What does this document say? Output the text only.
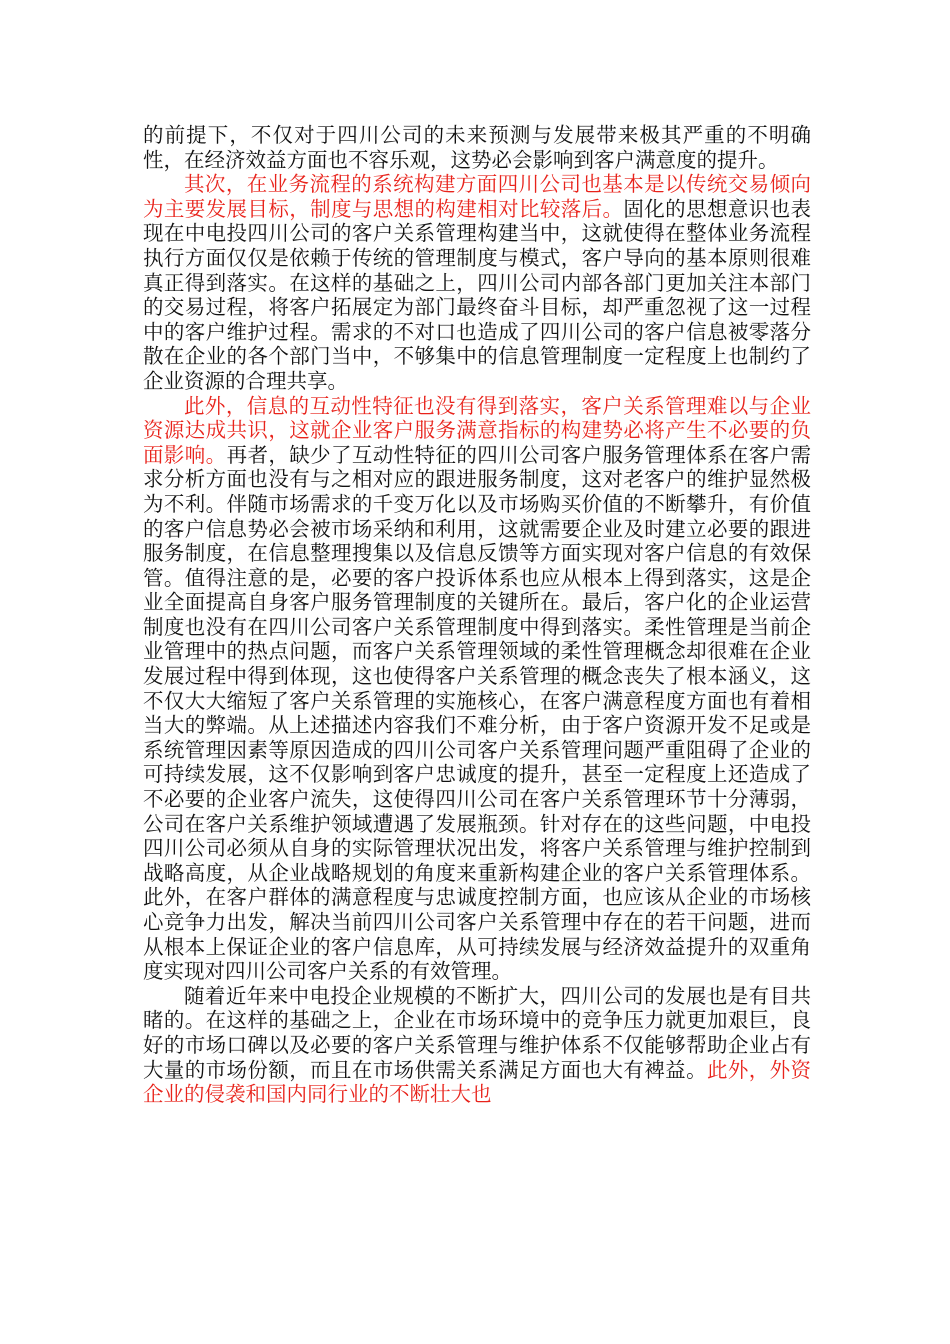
的前提下，不仅对于四川公司的未来预测与发展带来极其严重的不明确性，在经济效益方面也不容乐观，这势必会影响到客户满意度的提升。

其次，在业务流程的系统构建方面四川公司也基本是以传统交易倾向为主要发展目标，制度与思想的构建相对比较落后。固化的思想意识也表现在中电投四川公司的客户关系管理构建当中，这就使得在整体业务流程执行方面仅仅是依赖于传统的管理制度与模式，客户导向的基本原则很难真正得到落实。在这样的基础之上，四川公司内部各部门更加关注本部门的交易过程，将客户拓展定为部门最终奋斗目标，却严重忽视了这一过程中的客户维护过程。需求的不对口也造成了四川公司的客户信息被零落分散在企业的各个部门当中，不够集中的信息管理制度一定程度上也制约了企业资源的合理共享。

此外，信息的互动性特征也没有得到落实，客户关系管理难以与企业资源达成共识，这就企业客户服务满意指标的构建势必将产生不必要的负面影响。再者，缺少了互动性特征的四川公司客户服务管理体系在客户需求分析方面也没有与之相对应的跟进服务制度，这对老客户的维护显然极为不利。伴随市场需求的千变万化以及市场购买价值的不断攀升，有价值的客户信息势必会被市场采纳和利用，这就需要企业及时建立必要的跟进服务制度，在信息整理搜集以及信息反馈等方面实现对客户信息的有效保管。值得注意的是，必要的客户投诉体系也应从根本上得到落实，这是企业全面提高自身客户服务管理制度的关键所在。最后，客户化的企业运营制度也没有在四川公司客户关系管理制度中得到落实。柔性管理是当前企业管理中的热点问题，而客户关系管理领域的柔性管理概念却很难在企业发展过程中得到体现，这也使得客户关系管理的概念丧失了根本涵义，这不仅大大缩短了客户关系管理的实施核心，在客户满意程度方面也有着相当大的弊端。从上述描述内容我们不难分析，由于客户资源开发不足或是系统管理因素等原因造成的四川公司客户关系管理问题严重阻碍了企业的可持续发展，这不仅影响到客户忠诚度的提升，甚至一定程度上还造成了不必要的企业客户流失，这使得四川公司在客户关系管理环节十分薄弱，公司在客户关系维护领域遭遇了发展瓶颈。针对存在的这些问题，中电投四川公司必须从自身的实际管理状况出发，将客户关系管理与维护控制到战略高度，从企业战略规划的角度来重新构建企业的客户关系管理体系。此外，在客户群体的满意程度与忠诚度控制方面，也应该从企业的市场核心竞争力出发，解决当前四川公司客户关系管理中存在的若干问题，进而从根本上保证企业的客户信息库，从可持续发展与经济效益提升的双重角度实现对四川公司客户关系的有效管理。

随着近年来中电投企业规模的不断扩大，四川公司的发展也是有目共睹的。在这样的基础之上，企业在市场环境中的竞争压力就更加艰巨，良好的市场口碑以及必要的客户关系管理与维护体系不仅能够帮助企业占有大量的市场份额，而且在市场供需关系满足方面也大有裨益。此外，外资企业的侵袭和国内同行业的不断壮大也
